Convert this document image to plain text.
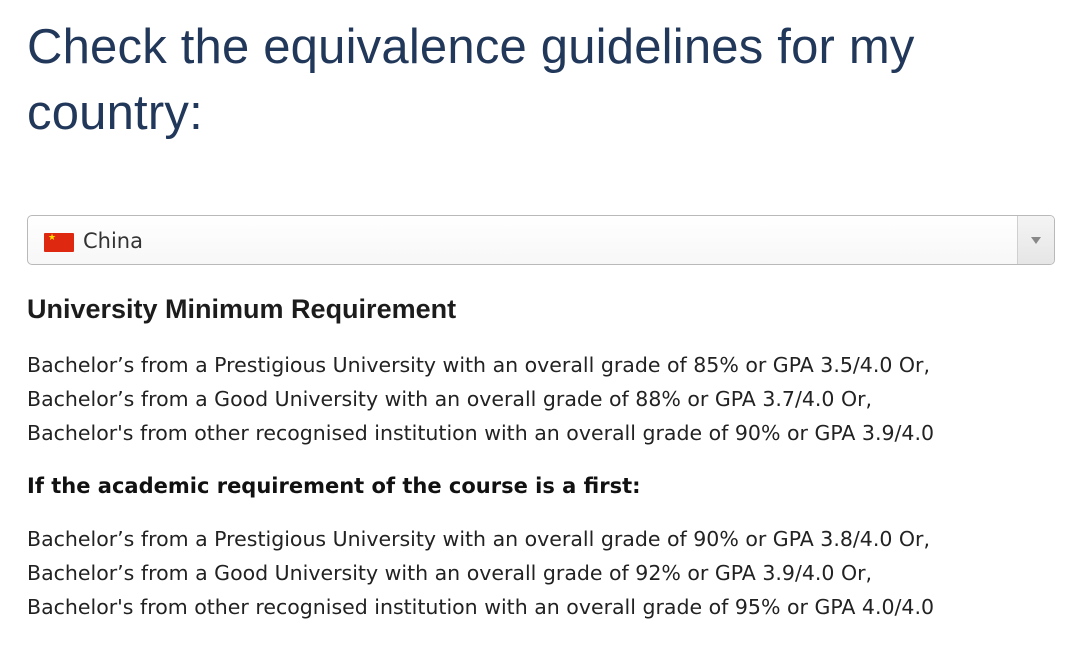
Check the equivalence guidelines for my country:
★ China
University Minimum Requirement
Bachelor’s from a Prestigious University with an overall grade of 85% or GPA 3.5/4.0 Or,
Bachelor’s from a Good University with an overall grade of 88% or GPA 3.7/4.0 Or,
Bachelor's from other recognised institution with an overall grade of 90% or GPA 3.9/4.0

If the academic requirement of the course is a first:

Bachelor’s from a Prestigious University with an overall grade of 90% or GPA 3.8/4.0 Or,
Bachelor’s from a Good University with an overall grade of 92% or GPA 3.9/4.0 Or,
Bachelor's from other recognised institution with an overall grade of 95% or GPA 4.0/4.0
